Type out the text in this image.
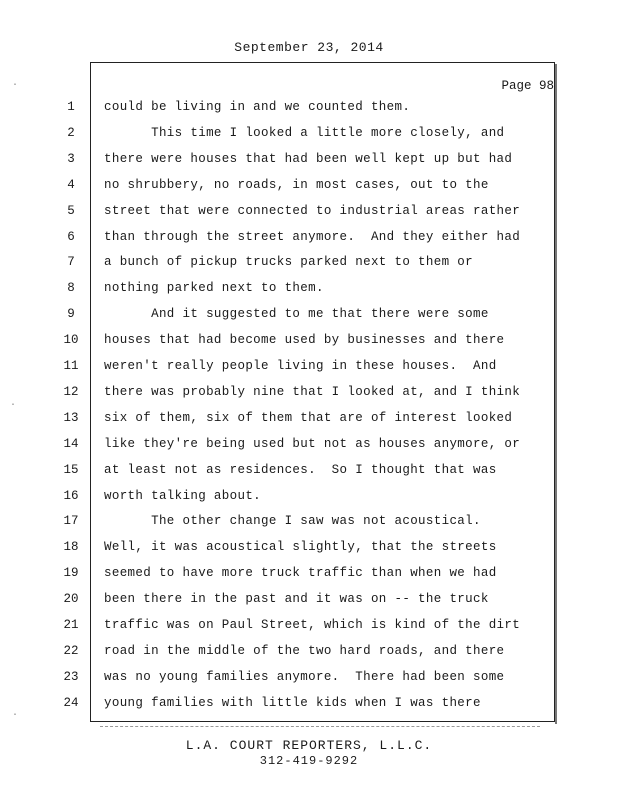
September 23, 2014
Page 98
1	could be living in and we counted them.
2	This time I looked a little more closely, and
3	there were houses that had been well kept up but had
4	no shrubbery, no roads, in most cases, out to the
5	street that were connected to industrial areas rather
6	than through the street anymore.  And they either had
7	a bunch of pickup trucks parked next to them or
8	nothing parked next to them.
9	And it suggested to me that there were some
10 houses that had become used by businesses and there
11 weren't really people living in these houses.  And
12 there was probably nine that I looked at, and I think
13 six of them, six of them that are of interest looked
14 like they're being used but not as houses anymore, or
15 at least not as residences.  So I thought that was
16 worth talking about.
17 The other change I saw was not acoustical.
18 Well, it was acoustical slightly, that the streets
19 seemed to have more truck traffic than when we had
20 been there in the past and it was on -- the truck
21 traffic was on Paul Street, which is kind of the dirt
22 road in the middle of the two hard roads, and there
23 was no young families anymore.  There had been some
24 young families with little kids when I was there
L.A. COURT REPORTERS, L.L.C.
312-419-9292
·
·
·
